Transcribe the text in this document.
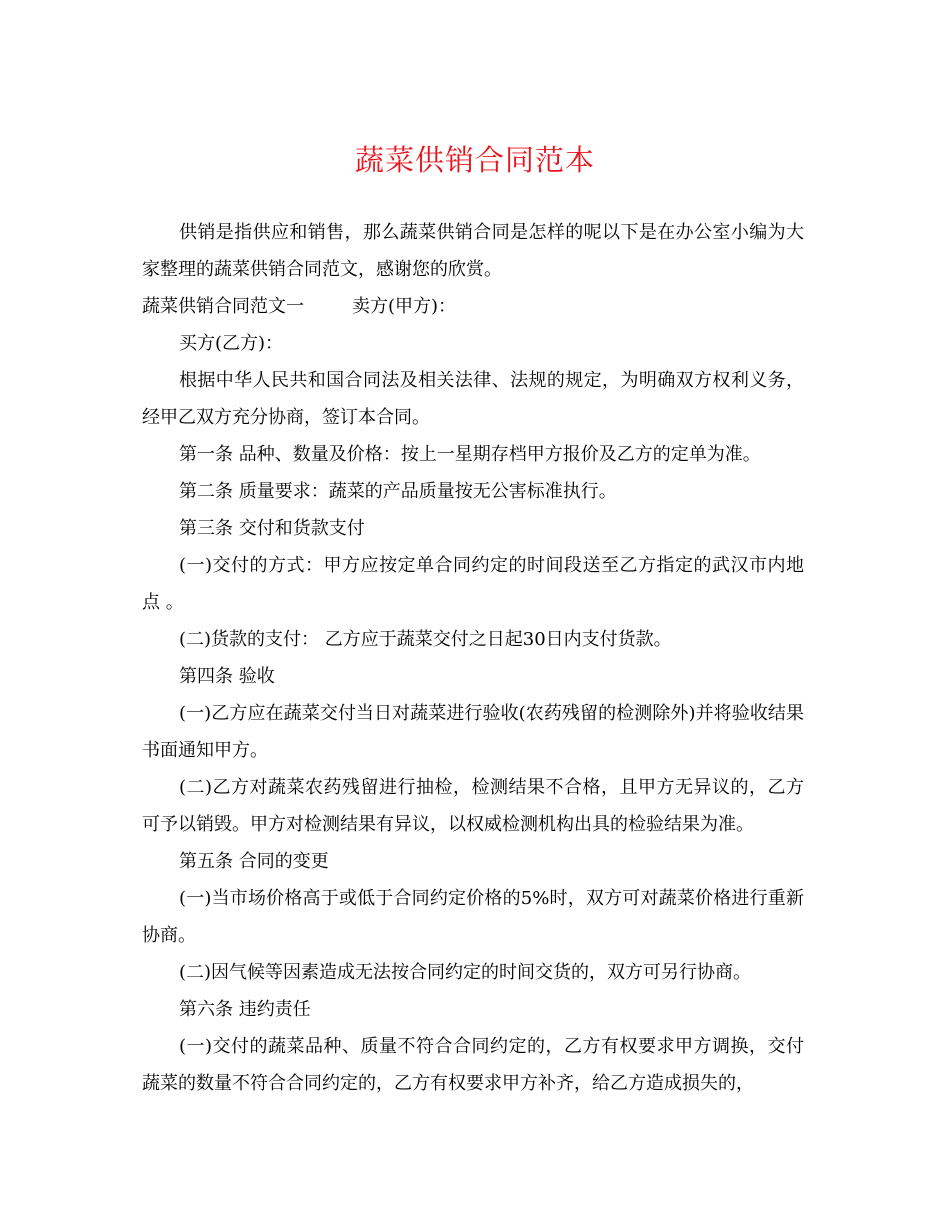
蔬菜供销合同范本

供销是指供应和销售，那么蔬菜供销合同是怎样的呢以下是在办公室小编为大家整理的蔬菜供销合同范文，感谢您的欣赏。

蔬菜供销合同范文一	卖方(甲方)：

买方(乙方)：

根据中华人民共和国合同法及相关法律、法规的规定，为明确双方权利义务，经甲乙双方充分协商，签订本合同。

第一条 品种、数量及价格：按上一星期存档甲方报价及乙方的定单为准。

第二条 质量要求：蔬菜的产品质量按无公害标准执行。

第三条 交付和货款支付

(一)交付的方式：甲方应按定单合同约定的时间段送至乙方指定的武汉市内地点 。

(二)货款的支付： 乙方应于蔬菜交付之日起30日内支付货款。

第四条 验收

(一)乙方应在蔬菜交付当日对蔬菜进行验收(农药残留的检测除外)并将验收结果书面通知甲方。

(二)乙方对蔬菜农药残留进行抽检，检测结果不合格，且甲方无异议的，乙方可予以销毁。甲方对检测结果有异议，以权威检测机构出具的检验结果为准。

第五条 合同的变更

(一)当市场价格高于或低于合同约定价格的5%时，双方可对蔬菜价格进行重新协商。

(二)因气候等因素造成无法按合同约定的时间交货的，双方可另行协商。

第六条 违约责任

(一)交付的蔬菜品种、质量不符合合同约定的，乙方有权要求甲方调换，交付蔬菜的数量不符合合同约定的，乙方有权要求甲方补齐，给乙方造成损失的，
